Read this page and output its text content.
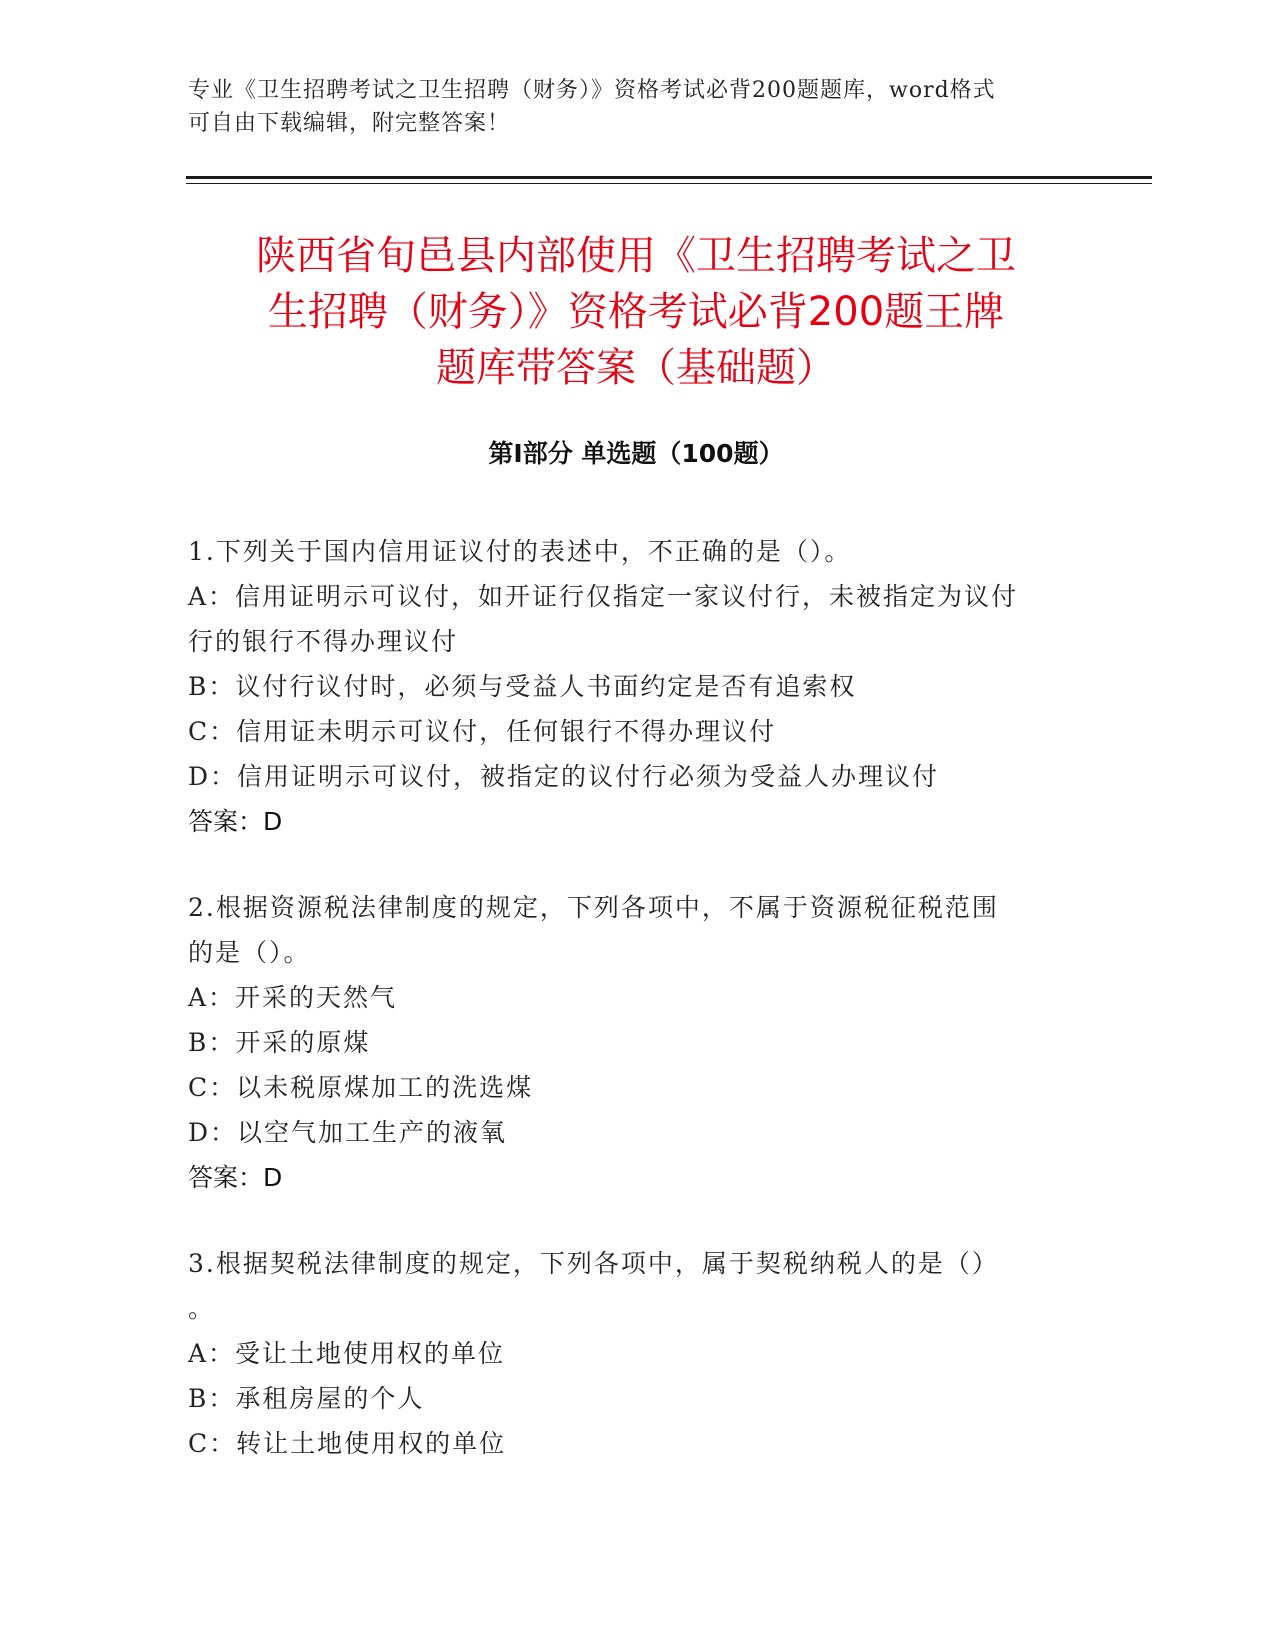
专业《卫生招聘考试之卫生招聘（财务）》资格考试必背200题题库，word格式
可自由下载编辑，附完整答案！
陕西省旬邑县内部使用《卫生招聘考试之卫
生招聘（财务）》资格考试必背200题王牌
题库带答案（基础题）
第Ⅰ部分 单选题（100题）
1.下列关于国内信用证议付的表述中，不正确的是（）。
A：信用证明示可议付，如开证行仅指定一家议付行，未被指定为议付
行的银行不得办理议付
B：议付行议付时，必须与受益人书面约定是否有追索权
C：信用证未明示可议付，任何银行不得办理议付
D：信用证明示可议付，被指定的议付行必须为受益人办理议付
答案：D
2.根据资源税法律制度的规定，下列各项中，不属于资源税征税范围
的是（）。
A：开采的天然气
B：开采的原煤
C：以未税原煤加工的洗选煤
D：以空气加工生产的液氧
答案：D
3.根据契税法律制度的规定，下列各项中，属于契税纳税人的是（）
。
A：受让土地使用权的单位
B：承租房屋的个人
C：转让土地使用权的单位
